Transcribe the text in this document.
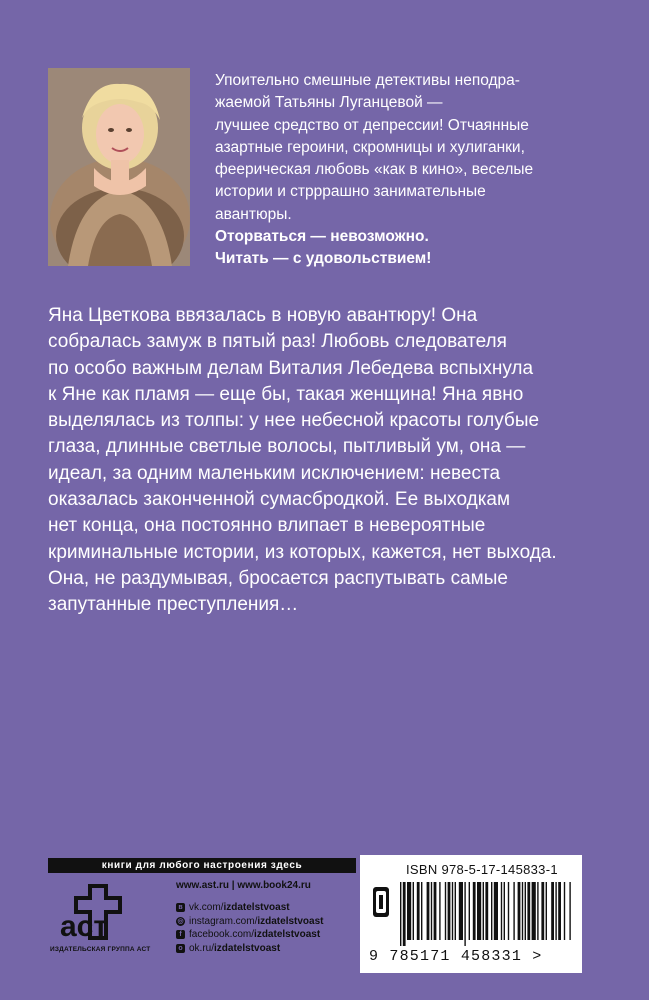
Упоительно смешные детективы неподра-
жаемой Татьяны Луганцевой —
лучшее средство от депрессии! Отчаянные
азартные героини, скромницы и хулиганки,
феерическая любовь «как в кино», веселые
истории и стрррашно занимательные
авантюры.
Оторваться — невозможно.
Читать — с удовольствием!
Яна Цветкова ввязалась в новую авантюру! Она
собралась замуж в пятый раз! Любовь следователя
по особо важным делам Виталия Лебедева вспыхнула
к Яне как пламя — еще бы, такая женщина! Яна явно
выделялась из толпы: у нее небесной красоты голубые
глаза, длинные светлые волосы, пытливый ум, она —
идеал, за одним маленьким исключением: невеста
оказалась законченной сумасбродкой. Ее выходкам
нет конца, она постоянно влипает в невероятные
криминальные истории, из которых, кажется, нет выхода.
Она, не раздумывая, бросается распутывать самые
запутанные преступления…
книги для любого настроения здесь
аст
ИЗДАТЕЛЬСКАЯ ГРУППА АСТ
www.ast.ru | www.book24.ru
в vk.com/ izdatelstvoast
◎ instagram.com/ izdatelstvoast
f facebook.com/ izdatelstvoast
о ok.ru/ izdatelstvoast
ISBN 978-5-17-145833-1
9 785171 458331 >
